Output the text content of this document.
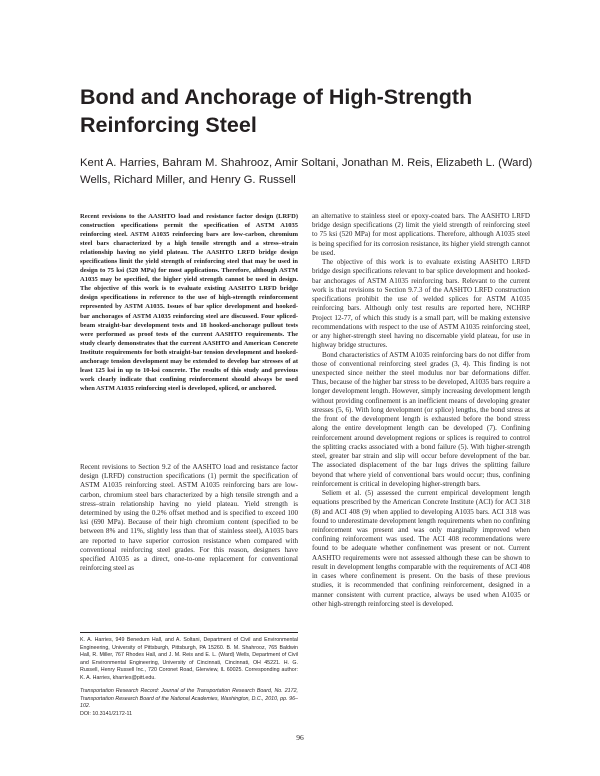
Bond and Anchorage of High-Strength Reinforcing Steel

Kent A. Harries, Bahram M. Shahrooz, Amir Soltani, Jonathan M. Reis, Elizabeth L. (Ward) Wells, Richard Miller, and Henry G. Russell

Recent revisions to the AASHTO load and resistance factor design (LRFD) construction specifications permit the specification of ASTM A1035 reinforcing steel. ASTM A1035 reinforcing bars are low-carbon, chromium steel bars characterized by a high tensile strength and a stress–strain relationship having no yield plateau. The AASHTO LRFD bridge design specifications limit the yield strength of reinforcing steel that may be used in design to 75 ksi (520 MPa) for most applications. Therefore, although ASTM A1035 may be specified, the higher yield strength cannot be used in design. The objective of this work is to evaluate existing AASHTO LRFD bridge design specifications in reference to the use of high-strength reinforcement represented by ASTM A1035. Issues of bar splice development and hooked-bar anchorages of ASTM A1035 reinforcing steel are discussed. Four spliced-beam straight-bar development tests and 18 hooked-anchorage pullout tests were performed as proof tests of the current AASHTO requirements. The study clearly demonstrates that the current AASHTO and American Concrete Institute requirements for both straight-bar tension development and hooked-anchorage tension development may be extended to develop bar stresses of at least 125 ksi in up to 10-ksi concrete. The results of this study and previous work clearly indicate that confining reinforcement should always be used when ASTM A1035 reinforcing steel is developed, spliced, or anchored.

Recent revisions to Section 9.2 of the AASHTO load and resistance factor design (LRFD) construction specifications (1) permit the specification of ASTM A1035 reinforcing steel. ASTM A1035 reinforcing bars are low-carbon, chromium steel bars characterized by a high tensile strength and a stress–strain relationship having no yield plateau. Yield strength is determined by using the 0.2% offset method and is specified to exceed 100 ksi (690 MPa). Because of their high chromium content (specified to be between 8% and 11%, slightly less than that of stainless steel), A1035 bars are reported to have superior corrosion resistance when compared with conventional reinforcing steel grades. For this reason, designers have specified A1035 as a direct, one-to-one replacement for conventional reinforcing steel as

K. A. Harries, 949 Benedum Hall, and A. Soltani, Department of Civil and Environmental Engineering, University of Pittsburgh, Pittsburgh, PA 15260. B. M. Shahrooz, 765 Baldwin Hall, R. Miller, 767 Rhodes Hall, and J. M. Reis and E. L. (Ward) Wells, Department of Civil and Environmental Engineering, University of Cincinnati, Cincinnati, OH 45221. H. G. Russell, Henry Russell Inc., 720 Coronet Road, Glenview, IL 60025. Corresponding author: K. A. Harries, kharries@pitt.edu.

Transportation Research Record: Journal of the Transportation Research Board, No. 2172, Transportation Research Board of the National Academies, Washington, D.C., 2010, pp. 96–102.

DOI: 10.3141/2172-11

an alternative to stainless steel or epoxy-coated bars. The AASHTO LRFD bridge design specifications (2) limit the yield strength of reinforcing steel to 75 ksi (520 MPa) for most applications. Therefore, although A1035 steel is being specified for its corrosion resistance, its higher yield strength cannot be used.

The objective of this work is to evaluate existing AASHTO LRFD bridge design specifications relevant to bar splice development and hooked-bar anchorages of ASTM A1035 reinforcing bars. Relevant to the current work is that revisions to Section 9.7.3 of the AASHTO LRFD construction specifications prohibit the use of welded splices for ASTM A1035 reinforcing bars. Although only test results are reported here, NCHRP Project 12-77, of which this study is a small part, will be making extensive recommendations with respect to the use of ASTM A1035 reinforcing steel, or any higher-strength steel having no discernable yield plateau, for use in highway bridge structures.

Bond characteristics of ASTM A1035 reinforcing bars do not differ from those of conventional reinforcing steel grades (3, 4). This finding is not unexpected since neither the steel modulus nor bar deformations differ. Thus, because of the higher bar stress to be developed, A1035 bars require a longer development length. However, simply increasing development length without providing confinement is an inefficient means of developing greater stresses (5, 6). With long development (or splice) lengths, the bond stress at the front of the development length is exhausted before the bond stress along the entire development length can be developed (7). Confining reinforcement around development regions or splices is required to control the splitting cracks associated with a bond failure (5). With higher-strength steel, greater bar strain and slip will occur before development of the bar. The associated displacement of the bar lugs drives the splitting failure beyond that where yield of conventional bars would occur; thus, confining reinforcement is critical in developing higher-strength bars.

Seliem et al. (5) assessed the current empirical development length equations prescribed by the American Concrete Institute (ACI) for ACI 318 (8) and ACI 408 (9) when applied to developing A1035 bars. ACI 318 was found to underestimate development length requirements when no confining reinforcement was present and was only marginally improved when confining reinforcement was used. The ACI 408 recommendations were found to be adequate whether confinement was present or not. Current AASHTO requirements were not assessed although these can be shown to result in development lengths comparable with the requirements of ACI 408 in cases where confinement is present. On the basis of these previous studies, it is recommended that confining reinforcement, designed in a manner consistent with current practice, always be used when A1035 or other high-strength reinforcing steel is developed.

96
